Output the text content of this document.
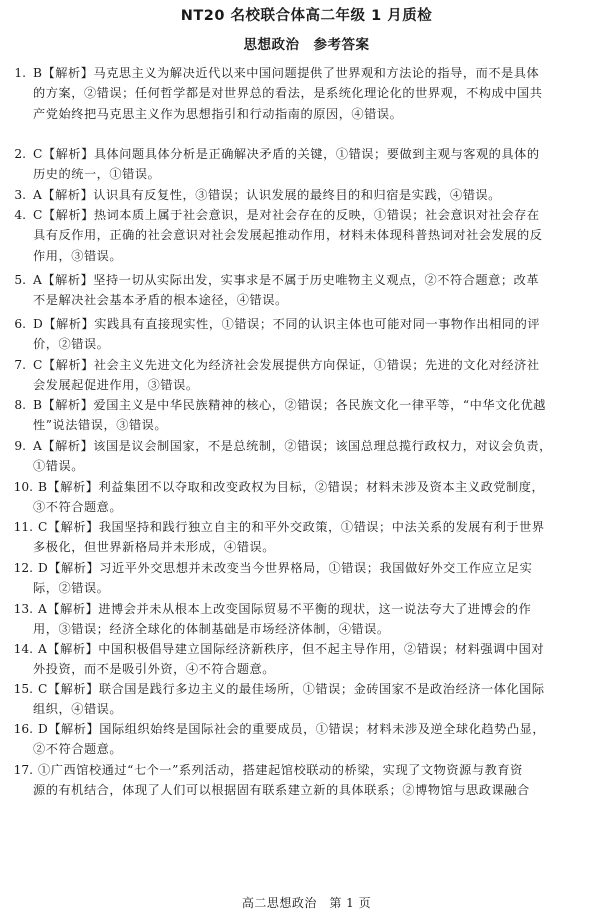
NT20 名校联合体高二年级 1 月质检
思想政治　参考答案
1. B【解析】马克思主义为解决近代以来中国问题提供了世界观和方法论的指导，而不是具体
的方案，②错误；任何哲学都是对世界总的看法，是系统化理论化的世界观，不构成中国共
产党始终把马克思主义作为思想指引和行动指南的原因，④错误。
2. C【解析】具体问题具体分析是正确解决矛盾的关键，①错误；要做到主观与客观的具体的
历史的统一，①错误。
3. A【解析】认识具有反复性，③错误；认识发展的最终目的和归宿是实践，④错误。
4. C【解析】热词本质上属于社会意识，是对社会存在的反映，①错误；社会意识对社会存在
具有反作用，正确的社会意识对社会发展起推动作用，材料未体现科普热词对社会发展的反
作用，③错误。
5. A【解析】坚持一切从实际出发，实事求是不属于历史唯物主义观点，②不符合题意；改革
不是解决社会基本矛盾的根本途径，④错误。
6. D【解析】实践具有直接现实性，①错误；不同的认识主体也可能对同一事物作出相同的评
价，②错误。
7. C【解析】社会主义先进文化为经济社会发展提供方向保证，①错误；先进的文化对经济社
会发展起促进作用，③错误。
8. B【解析】爱国主义是中华民族精神的核心，②错误；各民族文化一律平等，“中华文化优越
性”说法错误，③错误。
9. A【解析】该国是议会制国家，不是总统制，②错误；该国总理总揽行政权力，对议会负责，
①错误。
10. B【解析】利益集团不以夺取和改变政权为目标，②错误；材料未涉及资本主义政党制度，
③不符合题意。
11. C【解析】我国坚持和践行独立自主的和平外交政策，①错误；中法关系的发展有利于世界
多极化，但世界新格局并未形成，④错误。
12. D【解析】习近平外交思想并未改变当今世界格局，①错误；我国做好外交工作应立足实
际，②错误。
13. A【解析】进博会并未从根本上改变国际贸易不平衡的现状，这一说法夸大了进博会的作
用，③错误；经济全球化的体制基础是市场经济体制，④错误。
14. A【解析】中国积极倡导建立国际经济新秩序，但不起主导作用，②错误；材料强调中国对
外投资，而不是吸引外资，④不符合题意。
15. C【解析】联合国是践行多边主义的最佳场所，①错误；金砖国家不是政治经济一体化国际
组织，④错误。
16. D【解析】国际组织始终是国际社会的重要成员，①错误；材料未涉及逆全球化趋势凸显，
②不符合题意。
17. ①广西馆校通过“七个一”系列活动，搭建起馆校联动的桥梁，实现了文物资源与教育资
源的有机结合，体现了人们可以根据固有联系建立新的具体联系；②博物馆与思政课融合
高二思想政治　第 1 页
